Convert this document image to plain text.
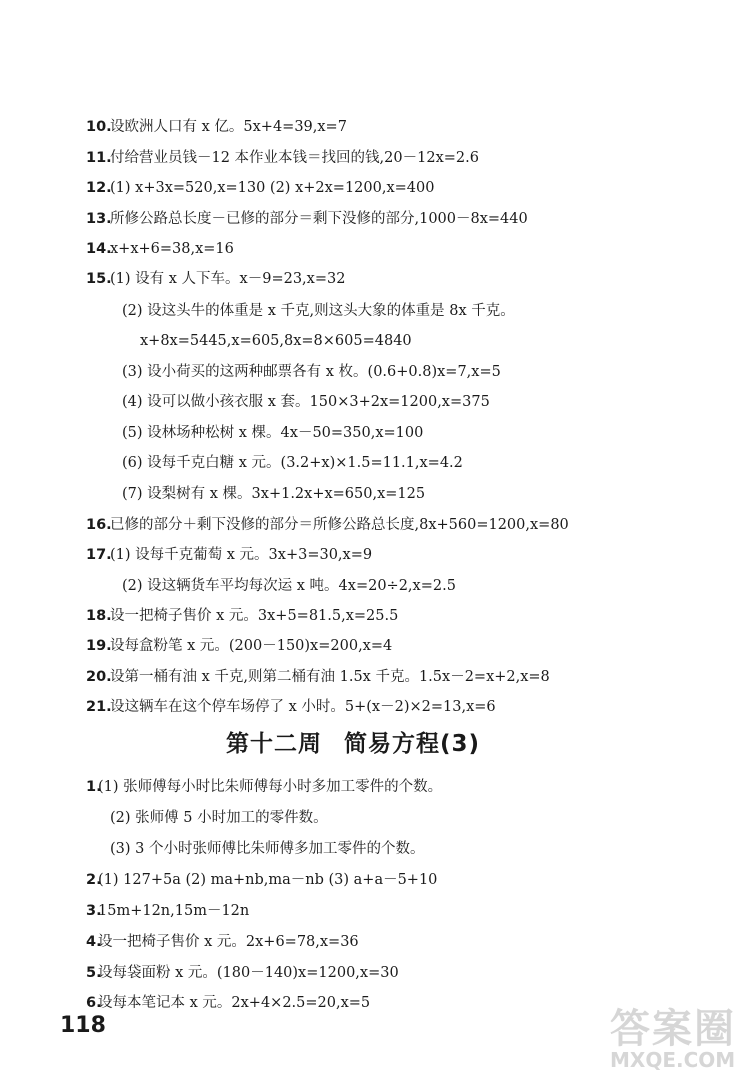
10.
设欧洲人口有 x 亿。5x+4=39,x=7
11.
付给营业员钱－12 本作业本钱＝找回的钱,20－12x=2.6
12.
(1) x+3x=520,x=130 (2) x+2x=1200,x=400
13.
所修公路总长度－已修的部分＝剩下没修的部分,1000－8x=440
14.
x+x+6=38,x=16
15.
(1) 设有 x 人下车。x－9=23,x=32
(2) 设这头牛的体重是 x 千克,则这头大象的体重是 8x 千克。
x+8x=5445,x=605,8x=8×605=4840
(3) 设小荷买的这两种邮票各有 x 枚。(0.6+0.8)x=7,x=5
(4) 设可以做小孩衣服 x 套。150×3+2x=1200,x=375
(5) 设林场种松树 x 棵。4x－50=350,x=100
(6) 设每千克白糖 x 元。(3.2+x)×1.5=11.1,x=4.2
(7) 设梨树有 x 棵。3x+1.2x+x=650,x=125
16.
已修的部分＋剩下没修的部分＝所修公路总长度,8x+560=1200,x=80
17.
(1) 设每千克葡萄 x 元。3x+3=30,x=9
(2) 设这辆货车平均每次运 x 吨。4x=20÷2,x=2.5
18.
设一把椅子售价 x 元。3x+5=81.5,x=25.5
19.
设每盒粉笔 x 元。(200－150)x=200,x=4
20.
设第一桶有油 x 千克,则第二桶有油 1.5x 千克。1.5x－2=x+2,x=8
21.
设这辆车在这个停车场停了 x 小时。5+(x－2)×2=13,x=6
1.
(1) 张师傅每小时比朱师傅每小时多加工零件的个数。
(2) 张师傅 5 小时加工的零件数。
(3) 3 个小时张师傅比朱师傅多加工零件的个数。
2.
(1) 127+5a (2) ma+nb,ma－nb (3) a+a－5+10
3.
15m+12n,15m－12n
4.
设一把椅子售价 x 元。2x+6=78,x=36
5.
设每袋面粉 x 元。(180－140)x=1200,x=30
6.
设每本笔记本 x 元。2x+4×2.5=20,x=5
第十二周 简易方程(3)
118	答案圈
MXQE.COM
